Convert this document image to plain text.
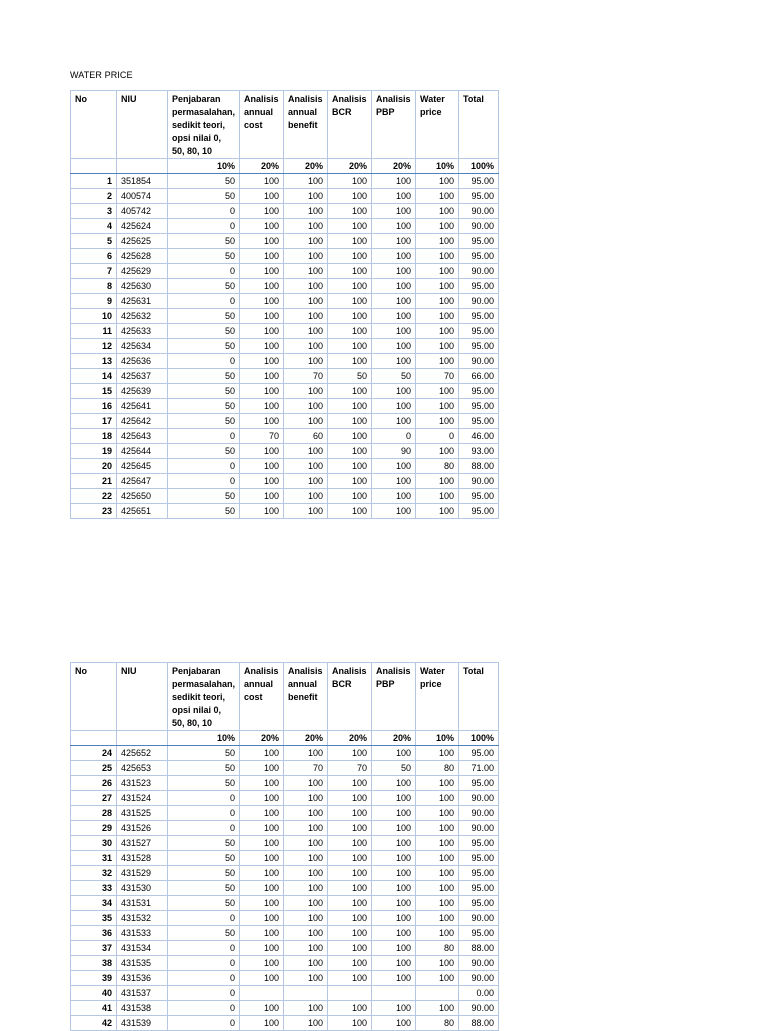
WATER PRICE
No	NIU	Penjabaran permasalahan, sedikit teori, opsi nilai 0, 50, 80, 10	Analisis annual cost	Analisis annual benefit	Analisis BCR	Analisis PBP	Water price	Total
		10%	20%	20%	20%	20%	10%	100%
1	351854	50	100	100	100	100	100	95.00
2	400574	50	100	100	100	100	100	95.00
3	405742	0	100	100	100	100	100	90.00
4	425624	0	100	100	100	100	100	90.00
5	425625	50	100	100	100	100	100	95.00
6	425628	50	100	100	100	100	100	95.00
7	425629	0	100	100	100	100	100	90.00
8	425630	50	100	100	100	100	100	95.00
9	425631	0	100	100	100	100	100	90.00
10	425632	50	100	100	100	100	100	95.00
11	425633	50	100	100	100	100	100	95.00
12	425634	50	100	100	100	100	100	95.00
13	425636	0	100	100	100	100	100	90.00
14	425637	50	100	70	50	50	70	66.00
15	425639	50	100	100	100	100	100	95.00
16	425641	50	100	100	100	100	100	95.00
17	425642	50	100	100	100	100	100	95.00
18	425643	0	70	60	100	0	0	46.00
19	425644	50	100	100	100	90	100	93.00
20	425645	0	100	100	100	100	80	88.00
21	425647	0	100	100	100	100	100	90.00
22	425650	50	100	100	100	100	100	95.00
23	425651	50	100	100	100	100	100	95.00
No	NIU	Penjabaran permasalahan, sedikit teori, opsi nilai 0, 50, 80, 10	Analisis annual cost	Analisis annual benefit	Analisis BCR	Analisis PBP	Water price	Total
		10%	20%	20%	20%	20%	10%	100%
24	425652	50	100	100	100	100	100	95.00
25	425653	50	100	70	70	50	80	71.00
26	431523	50	100	100	100	100	100	95.00
27	431524	0	100	100	100	100	100	90.00
28	431525	0	100	100	100	100	100	90.00
29	431526	0	100	100	100	100	100	90.00
30	431527	50	100	100	100	100	100	95.00
31	431528	50	100	100	100	100	100	95.00
32	431529	50	100	100	100	100	100	95.00
33	431530	50	100	100	100	100	100	95.00
34	431531	50	100	100	100	100	100	95.00
35	431532	0	100	100	100	100	100	90.00
36	431533	50	100	100	100	100	100	95.00
37	431534	0	100	100	100	100	80	88.00
38	431535	0	100	100	100	100	100	90.00
39	431536	0	100	100	100	100	100	90.00
40	431537	0						0.00
41	431538	0	100	100	100	100	100	90.00
42	431539	0	100	100	100	100	80	88.00
